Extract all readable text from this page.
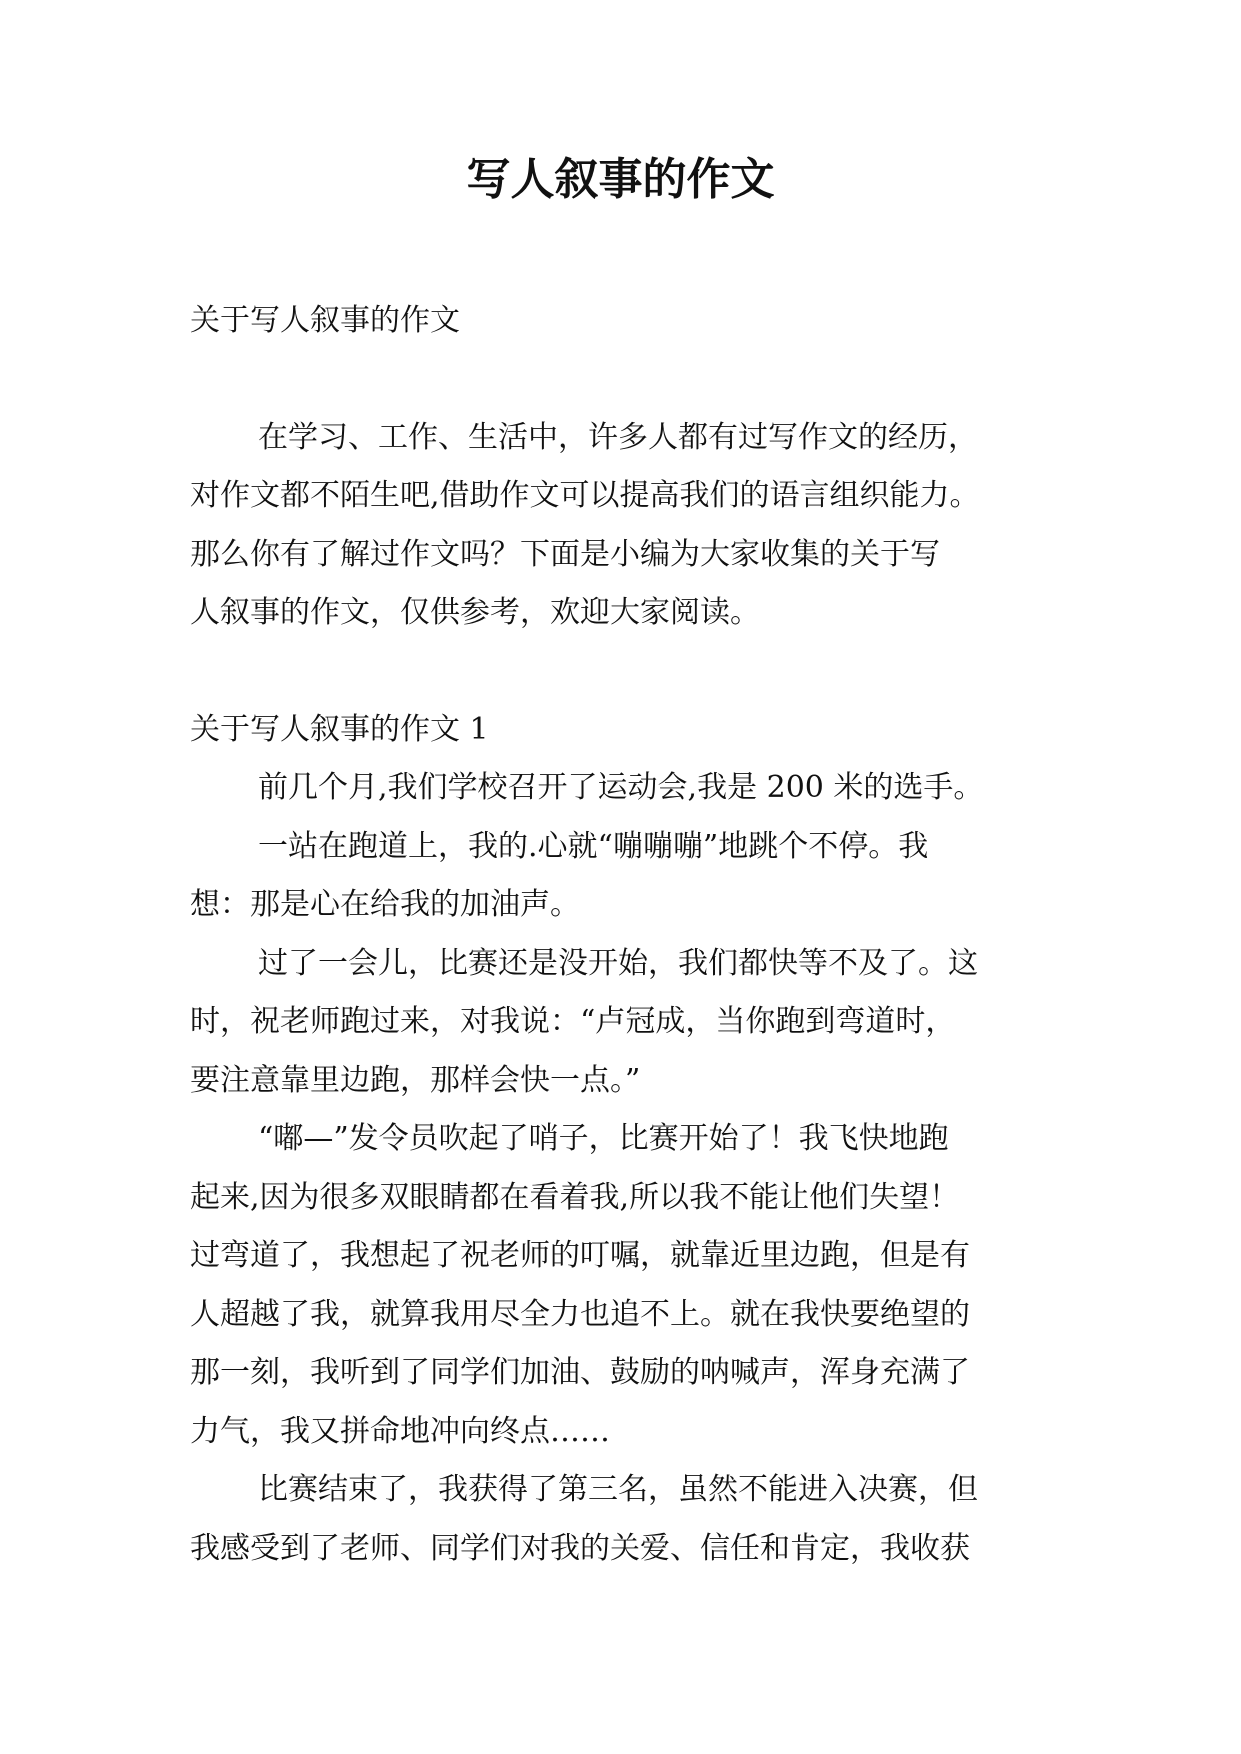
写人叙事的作文
关于写人叙事的作文
在学习、工作、生活中，许多人都有过写作文的经历，
对作文都不陌生吧,借助作文可以提高我们的语言组织能力。
那么你有了解过作文吗？下面是小编为大家收集的关于写
人叙事的作文，仅供参考，欢迎大家阅读。
关于写人叙事的作文 1
前几个月,我们学校召开了运动会,我是 200 米的选手。
一站在跑道上，我的.心就“嘣嘣嘣”地跳个不停。我
想：那是心在给我的加油声。
过了一会儿，比赛还是没开始，我们都快等不及了。这
时，祝老师跑过来，对我说：“卢冠成，当你跑到弯道时，
要注意靠里边跑，那样会快一点。”
“嘟—”发令员吹起了哨子，比赛开始了！我飞快地跑
起来,因为很多双眼睛都在看着我,所以我不能让他们失望！
过弯道了，我想起了祝老师的叮嘱，就靠近里边跑，但是有
人超越了我，就算我用尽全力也追不上。就在我快要绝望的
那一刻，我听到了同学们加油、鼓励的呐喊声，浑身充满了
力气，我又拼命地冲向终点……
比赛结束了，我获得了第三名，虽然不能进入决赛，但
我感受到了老师、同学们对我的关爱、信任和肯定，我收获
